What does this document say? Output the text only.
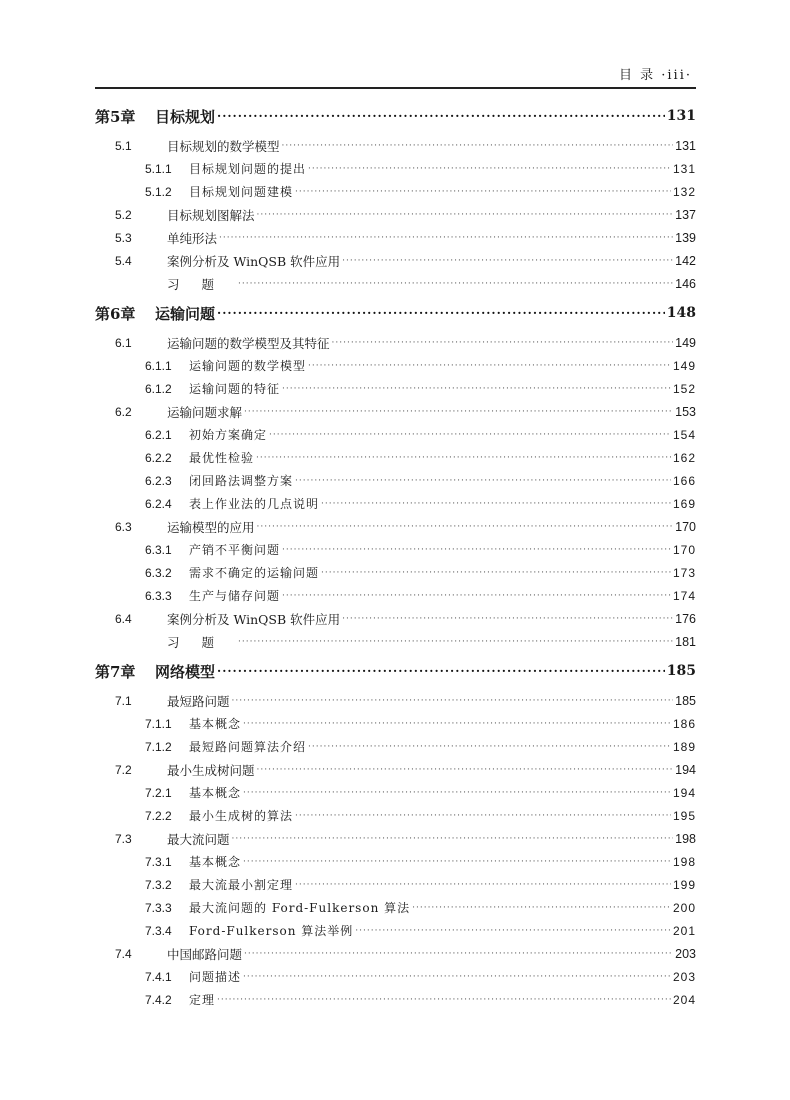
目 录 ·iii·
第5章	目标规划 ·····	131
5.1	目标规划的数学模型 ·····	131
5.1.1	目标规划问题的提出 ·····	131
5.1.2	目标规划问题建模 ·····	132
5.2	目标规划图解法 ·····	137
5.3	单纯形法 ·····	139
5.4	案例分析及 WinQSB 软件应用 ·····	142
习题 ·····	146
第6章	运输问题 ·····	148
6.1	运输问题的数学模型及其特征 ·····	149
6.1.1	运输问题的数学模型 ·····	149
6.1.2	运输问题的特征 ·····	152
6.2	运输问题求解 ·····	153
6.2.1	初始方案确定 ·····	154
6.2.2	最优性检验 ·····	162
6.2.3	闭回路法调整方案 ·····	166
6.2.4	表上作业法的几点说明 ·····	169
6.3	运输模型的应用 ·····	170
6.3.1	产销不平衡问题 ·····	170
6.3.2	需求不确定的运输问题 ·····	173
6.3.3	生产与储存问题 ·····	174
6.4	案例分析及 WinQSB 软件应用 ·····	176
习题 ·····	181
第7章	网络模型 ·····	185
7.1	最短路问题 ·····	185
7.1.1	基本概念 ·····	186
7.1.2	最短路问题算法介绍 ·····	189
7.2	最小生成树问题 ·····	194
7.2.1	基本概念 ·····	194
7.2.2	最小生成树的算法 ·····	195
7.3	最大流问题 ·····	198
7.3.1	基本概念 ·····	198
7.3.2	最大流最小割定理 ·····	199
7.3.3	最大流问题的 Ford-Fulkerson 算法 ·····	200
7.3.4	Ford-Fulkerson 算法举例 ·····	201
7.4	中国邮路问题 ·····	203
7.4.1	问题描述 ·····	203
7.4.2	定理 ·····	204
